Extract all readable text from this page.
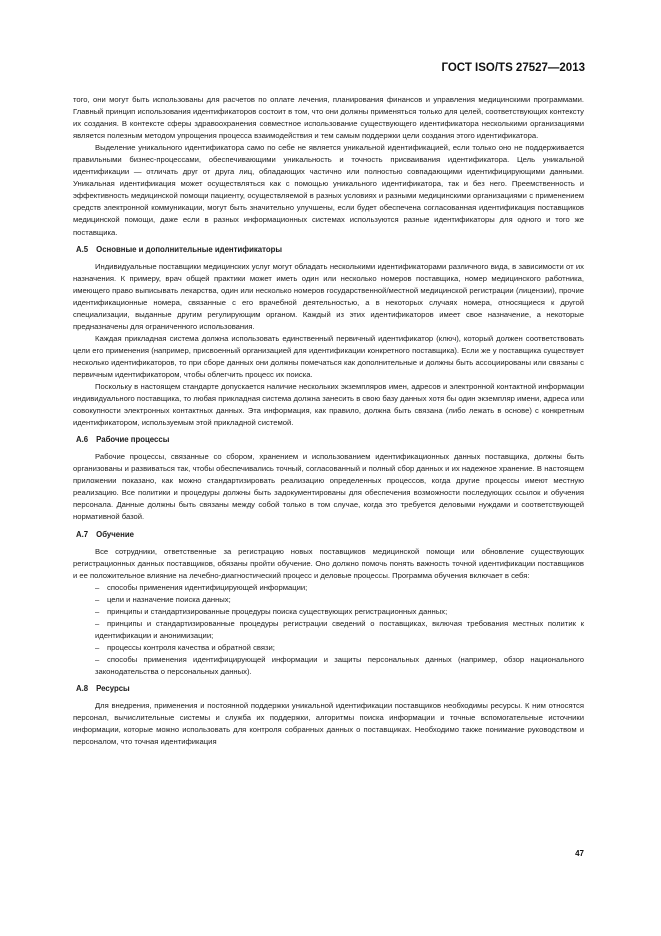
ГОСТ ISO/TS 27527—2013

того, они могут быть использованы для расчетов по оплате лечения, планирования финансов и управления медицинскими программами. Главный принцип использования идентификаторов состоит в том, что они должны применяться только для целей, соответствующих контексту их создания. В контексте сферы здравоохранения совместное использование существующего идентификатора несколькими организациями является полезным методом упрощения процесса взаимодействия и тем самым поддержки цели создания этого идентификатора.

Выделение уникального идентификатора само по себе не является уникальной идентификацией, если только оно не поддерживается правильными бизнес-процессами, обеспечивающими уникальность и точность присваивания идентификатора. Цель уникальной идентификации — отличать друг от друга лиц, обладающих частично или полностью совпадающими идентифицирующими данными. Уникальная идентификация может осуществляться как с помощью уникального идентификатора, так и без него. Преемственность и эффективность медицинской помощи пациенту, осуществляемой в разных условиях и разными медицинскими организациями с применением средств электронной коммуникации, могут быть значительно улучшены, если будет обеспечена согласованная идентификация поставщиков медицинской помощи, даже если в разных информационных системах используются разные идентификаторы для одного и того же поставщика.

А.5 Основные и дополнительные идентификаторы

Индивидуальные поставщики медицинских услуг могут обладать несколькими идентификаторами различного вида, в зависимости от их назначения. К примеру, врач общей практики может иметь один или несколько номеров поставщика, номер медицинского работника, имеющего право выписывать лекарства, один или несколько номеров государственной/местной медицинской регистрации (лицензии), прочие идентификационные номера, связанные с его врачебной деятельностью, а в некоторых случаях номера, относящиеся к другой специализации, выданные другим регулирующим органом. Каждый из этих идентификаторов имеет свое назначение, а некоторые предназначены для ограниченного использования.

Каждая прикладная система должна использовать единственный первичный идентификатор (ключ), который должен соответствовать цели его применения (например, присвоенный организацией для идентификации конкретного поставщика). Если же у поставщика существует несколько идентификаторов, то при сборе данных они должны помечаться как дополнительные и должны быть ассоциированы или связаны с первичным идентификатором, чтобы облегчить процесс их поиска.

Поскольку в настоящем стандарте допускается наличие нескольких экземпляров имен, адресов и электронной контактной информации индивидуального поставщика, то любая прикладная система должна занесить в свою базу данных хотя бы один экземпляр имени, адреса или совокупности электронных контактных данных. Эта информация, как правило, должна быть связана (либо лежать в основе) с конкретным идентификатором, используемым этой прикладной системой.

А.6 Рабочие процессы

Рабочие процессы, связанные со сбором, хранением и использованием идентификационных данных поставщика, должны быть организованы и развиваться так, чтобы обеспечивались точный, согласованный и полный сбор данных и их надежное хранение. В настоящем приложении показано, как можно стандартизировать реализацию определенных процессов, когда другие процессы имеют местную реализацию. Все политики и процедуры должны быть задокументированы для обеспечения возможности последующих ссылок и обучения персонала. Данные должны быть связаны между собой только в том случае, когда это требуется деловыми нуждами и соответствующей нормативной базой.

А.7 Обучение

Все сотрудники, ответственные за регистрацию новых поставщиков медицинской помощи или обновление существующих регистрационных данных поставщиков, обязаны пройти обучение. Оно должно помочь понять важность точной идентификации поставщиков и ее положительное влияние на лечебно-диагностический процесс и деловые процессы. Программа обучения включает в себя:

– способы применения идентифицирующей информации;
– цели и назначение поиска данных;
– принципы и стандартизированные процедуры поиска существующих регистрационных данных;
– принципы и стандартизированные процедуры регистрации сведений о поставщиках, включая требования местных политик к идентификации и анонимизации;
– процессы контроля качества и обратной связи;
– способы применения идентифицирующей информации и защиты персональных данных (например, обзор национального законодательства о персональных данных).
А.8 Ресурсы

Для внедрения, применения и постоянной поддержки уникальной идентификации поставщиков необходимы ресурсы. К ним относятся персонал, вычислительные системы и служба их поддержки, алгоритмы поиска информации и точные вспомогательные источники информации, которые можно использовать для контроля собранных данных о поставщиках. Необходимо также понимание руководством и персоналом, что точная идентификация

47
